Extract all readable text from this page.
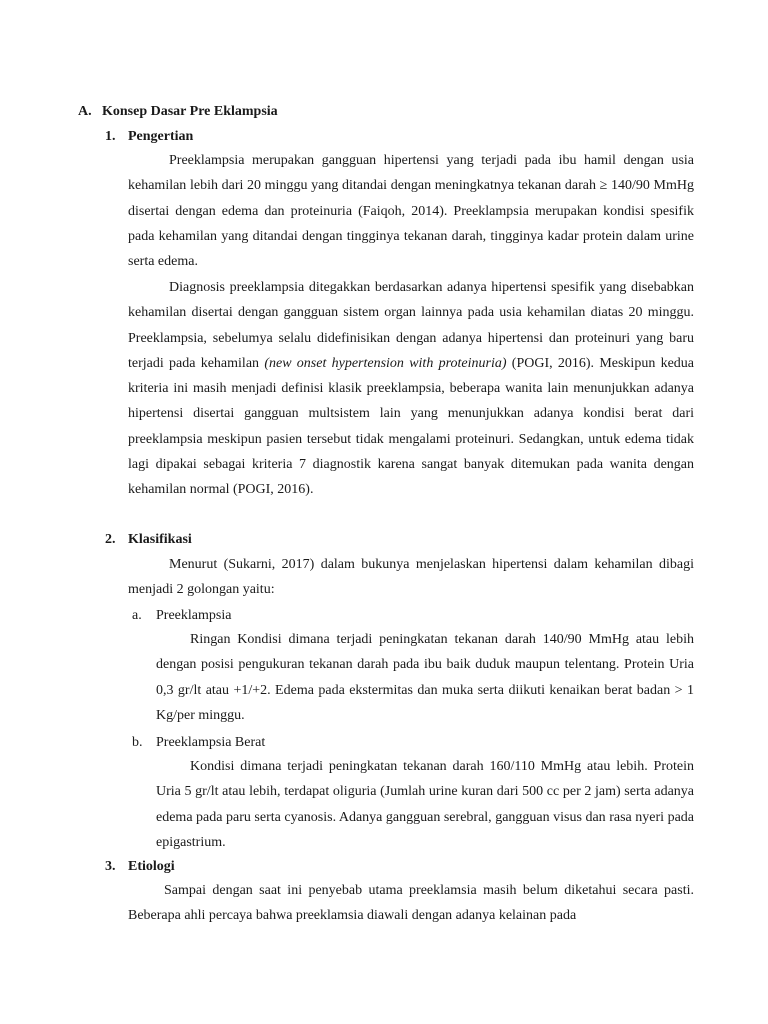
A. Konsep Dasar Pre Eklampsia
1. Pengertian

Preeklampsia merupakan gangguan hipertensi yang terjadi pada ibu hamil dengan usia kehamilan lebih dari 20 minggu yang ditandai dengan meningkatnya tekanan darah ≥ 140/90 MmHg disertai dengan edema dan proteinuria (Faiqoh, 2014). Preeklampsia merupakan kondisi spesifik pada kehamilan yang ditandai dengan tingginya tekanan darah, tingginya kadar protein dalam urine serta edema.

Diagnosis preeklampsia ditegakkan berdasarkan adanya hipertensi spesifik yang disebabkan kehamilan disertai dengan gangguan sistem organ lainnya pada usia kehamilan diatas 20 minggu. Preeklampsia, sebelumya selalu didefinisikan dengan adanya hipertensi dan proteinuri yang baru terjadi pada kehamilan (new onset hypertension with proteinuria) (POGI, 2016). Meskipun kedua kriteria ini masih menjadi definisi klasik preeklampsia, beberapa wanita lain menunjukkan adanya hipertensi disertai gangguan multsistem lain yang menunjukkan adanya kondisi berat dari preeklampsia meskipun pasien tersebut tidak mengalami proteinuri. Sedangkan, untuk edema tidak lagi dipakai sebagai kriteria 7 diagnostik karena sangat banyak ditemukan pada wanita dengan kehamilan normal (POGI, 2016).

2. Klasifikasi

Menurut (Sukarni, 2017) dalam bukunya menjelaskan hipertensi dalam kehamilan dibagi menjadi 2 golongan yaitu:

a. Preeklampsia

Ringan Kondisi dimana terjadi peningkatan tekanan darah 140/90 MmHg atau lebih dengan posisi pengukuran tekanan darah pada ibu baik duduk maupun telentang. Protein Uria 0,3 gr/lt atau +1/+2. Edema pada ekstermitas dan muka serta diikuti kenaikan berat badan > 1 Kg/per minggu.

b. Preeklampsia Berat

Kondisi dimana terjadi peningkatan tekanan darah 160/110 MmHg atau lebih. Protein Uria 5 gr/lt atau lebih, terdapat oliguria (Jumlah urine kuran dari 500 cc per 2 jam) serta adanya edema pada paru serta cyanosis. Adanya gangguan serebral, gangguan visus dan rasa nyeri pada epigastrium.

3. Etiologi

Sampai dengan saat ini penyebab utama preeklamsia masih belum diketahui secara pasti. Beberapa ahli percaya bahwa preeklamsia diawali dengan adanya kelainan pada
